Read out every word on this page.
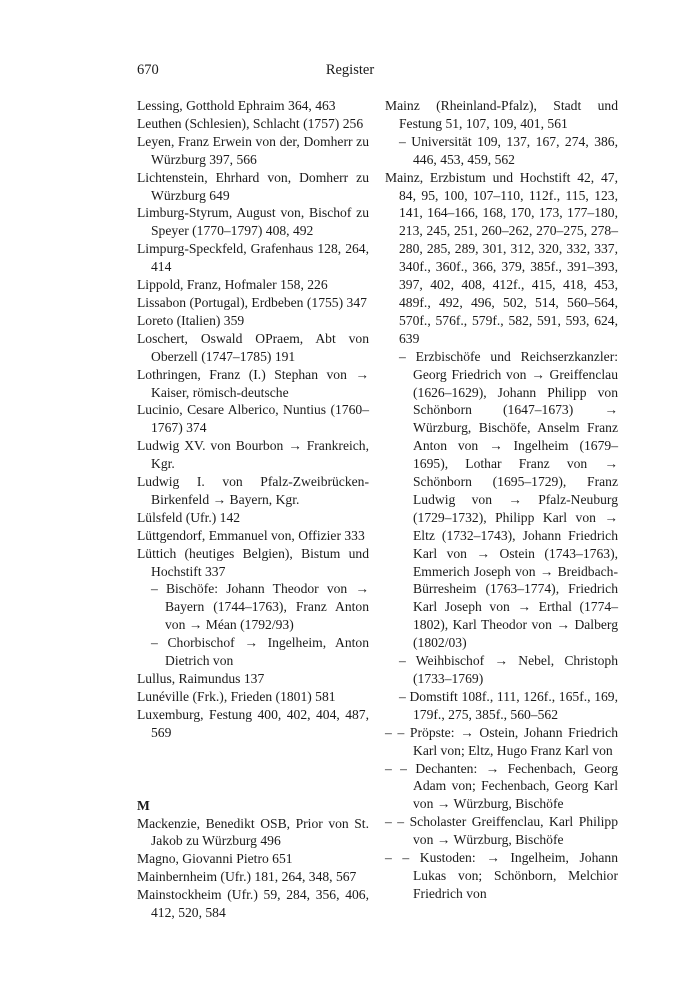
670	Register
Lessing, Gotthold Ephraim 364, 463
Leuthen (Schlesien), Schlacht (1757) 256
Leyen, Franz Erwein von der, Domherr zu Würzburg 397, 566
Lichtenstein, Ehrhard von, Domherr zu Würzburg 649
Limburg-Styrum, August von, Bischof zu Speyer (1770–1797) 408, 492
Limpurg-Speckfeld, Grafenhaus 128, 264, 414
Lippold, Franz, Hofmaler 158, 226
Lissabon (Portugal), Erdbeben (1755) 347
Loreto (Italien) 359
Loschert, Oswald OPraem, Abt von Oberzell (1747–1785) 191
Lothringen, Franz (I.) Stephan von → Kaiser, römisch-deutsche
Lucinio, Cesare Alberico, Nuntius (1760–1767) 374
Ludwig XV. von Bourbon → Frankreich, Kgr.
Ludwig I. von Pfalz-Zweibrücken-Birkenfeld → Bayern, Kgr.
Lülsfeld (Ufr.) 142
Lüttgendorf, Emmanuel von, Offizier 333
Lüttich (heutiges Belgien), Bistum und Hochstift 337
– Bischöfe: Johann Theodor von → Bayern (1744–1763), Franz Anton von → Méan (1792/93)
– Chorbischof → Ingelheim, Anton Dietrich von
Lullus, Raimundus 137
Lunéville (Frk.), Frieden (1801) 581
Luxemburg, Festung 400, 402, 404, 487, 569
M
Mackenzie, Benedikt OSB, Prior von St. Jakob zu Würzburg 496
Magno, Giovanni Pietro 651
Mainbernheim (Ufr.) 181, 264, 348, 567
Mainstockheim (Ufr.) 59, 284, 356, 406, 412, 520, 584
Mainz (Rheinland-Pfalz), Stadt und Festung 51, 107, 109, 401, 561
– Universität 109, 137, 167, 274, 386, 446, 453, 459, 562
Mainz, Erzbistum und Hochstift 42, 47, 84, 95, 100, 107–110, 112f., 115, 123, 141, 164–166, 168, 170, 173, 177–180, 213, 245, 251, 260–262, 270–275, 278–280, 285, 289, 301, 312, 320, 332, 337, 340f., 360f., 366, 379, 385f., 391–393, 397, 402, 408, 412f., 415, 418, 453, 489f., 492, 496, 502, 514, 560–564, 570f., 576f., 579f., 582, 591, 593, 624, 639
– Erzbischöfe und Reichserzkanzler: Georg Friedrich von → Greiffenclau (1626–1629), Johann Philipp von Schönborn (1647–1673) → Würzburg, Bischöfe, Anselm Franz Anton von → Ingelheim (1679–1695), Lothar Franz von → Schönborn (1695–1729), Franz Ludwig von → Pfalz-Neuburg (1729–1732), Philipp Karl von → Eltz (1732–1743), Johann Friedrich Karl von → Ostein (1743–1763), Emmerich Joseph von → Breidbach-Bürresheim (1763–1774), Friedrich Karl Joseph von → Erthal (1774–1802), Karl Theodor von → Dalberg (1802/03)
– Weihbischof → Nebel, Christoph (1733–1769)
– Domstift 108f., 111, 126f., 165f., 169, 179f., 275, 385f., 560–562
– – Pröpste: → Ostein, Johann Friedrich Karl von; Eltz, Hugo Franz Karl von
– – Dechanten: → Fechenbach, Georg Adam von; Fechenbach, Georg Karl von → Würzburg, Bischöfe
– – Scholaster Greiffenclau, Karl Philipp von → Würzburg, Bischöfe
– – Kustoden: → Ingelheim, Johann Lukas von; Schönborn, Melchior Friedrich von
